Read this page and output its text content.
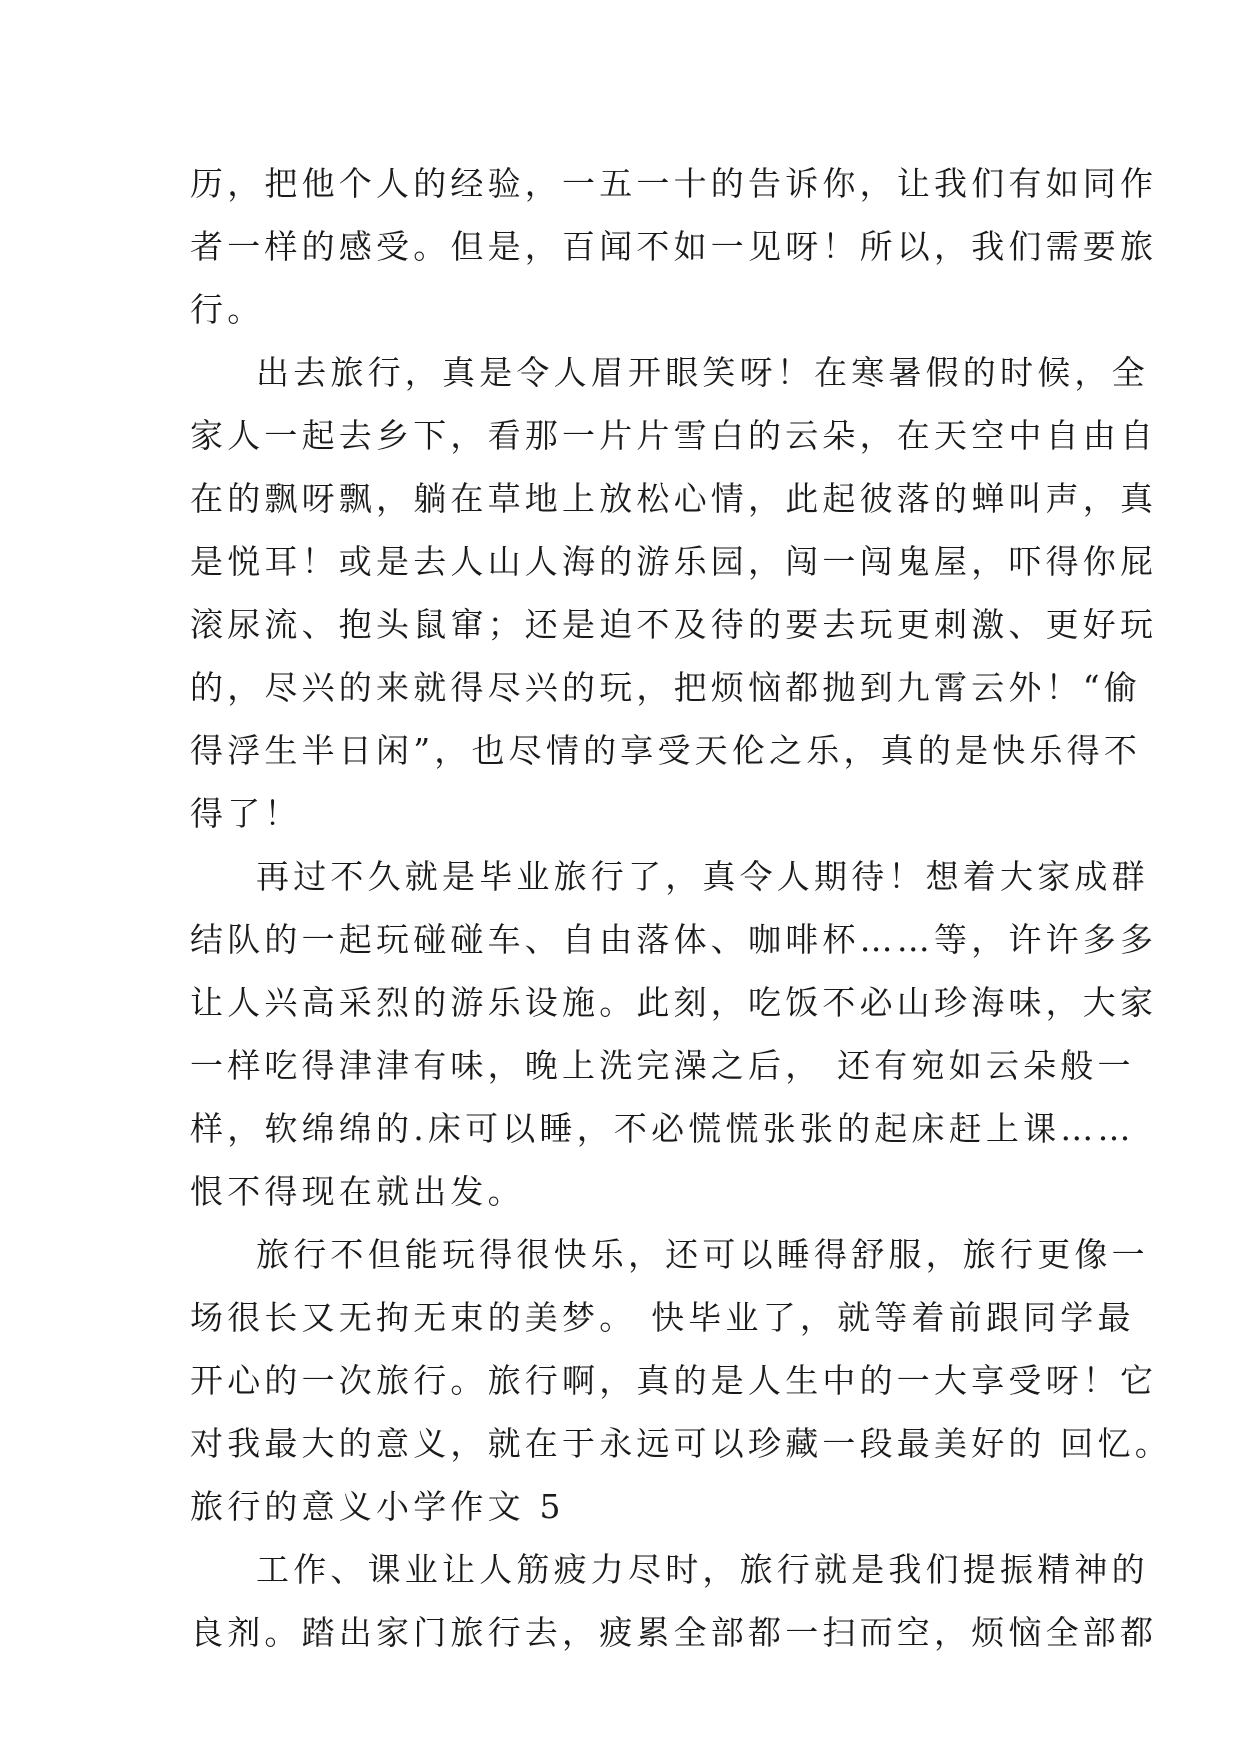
历，把他个人的经验，一五一十的告诉你，让我们有如同作
者一样的感受。但是，百闻不如一见呀！所以，我们需要旅
行。
出去旅行，真是令人眉开眼笑呀！在寒暑假的时候，全
家人一起去乡下，看那一片片雪白的云朵，在天空中自由自
在的飘呀飘，躺在草地上放松心情，此起彼落的蝉叫声，真
是悦耳！或是去人山人海的游乐园，闯一闯鬼屋，吓得你屁
滚尿流、抱头鼠窜；还是迫不及待的要去玩更刺激、更好玩
的，尽兴的来就得尽兴的玩，把烦恼都抛到九霄云外！“偷
得浮生半日闲”，也尽情的享受天伦之乐，真的是快乐得不
得了！
再过不久就是毕业旅行了，真令人期待！想着大家成群
结队的一起玩碰碰车、自由落体、咖啡杯……等，许许多多
让人兴高采烈的游乐设施。此刻，吃饭不必山珍海味，大家
一样吃得津津有味，晚上洗完澡之后， 还有宛如云朵般一
样，软绵绵的.床可以睡，不必慌慌张张的起床赶上课……
恨不得现在就出发。
旅行不但能玩得很快乐，还可以睡得舒服，旅行更像一
场很长又无拘无束的美梦。 快毕业了，就等着前跟同学最
开心的一次旅行。旅行啊，真的是人生中的一大享受呀！它
对我最大的意义，就在于永远可以珍藏一段最美好的 回忆。
旅行的意义小学作文 5
工作、课业让人筋疲力尽时，旅行就是我们提振精神的
良剂。踏出家门旅行去，疲累全部都一扫而空，烦恼全部都
